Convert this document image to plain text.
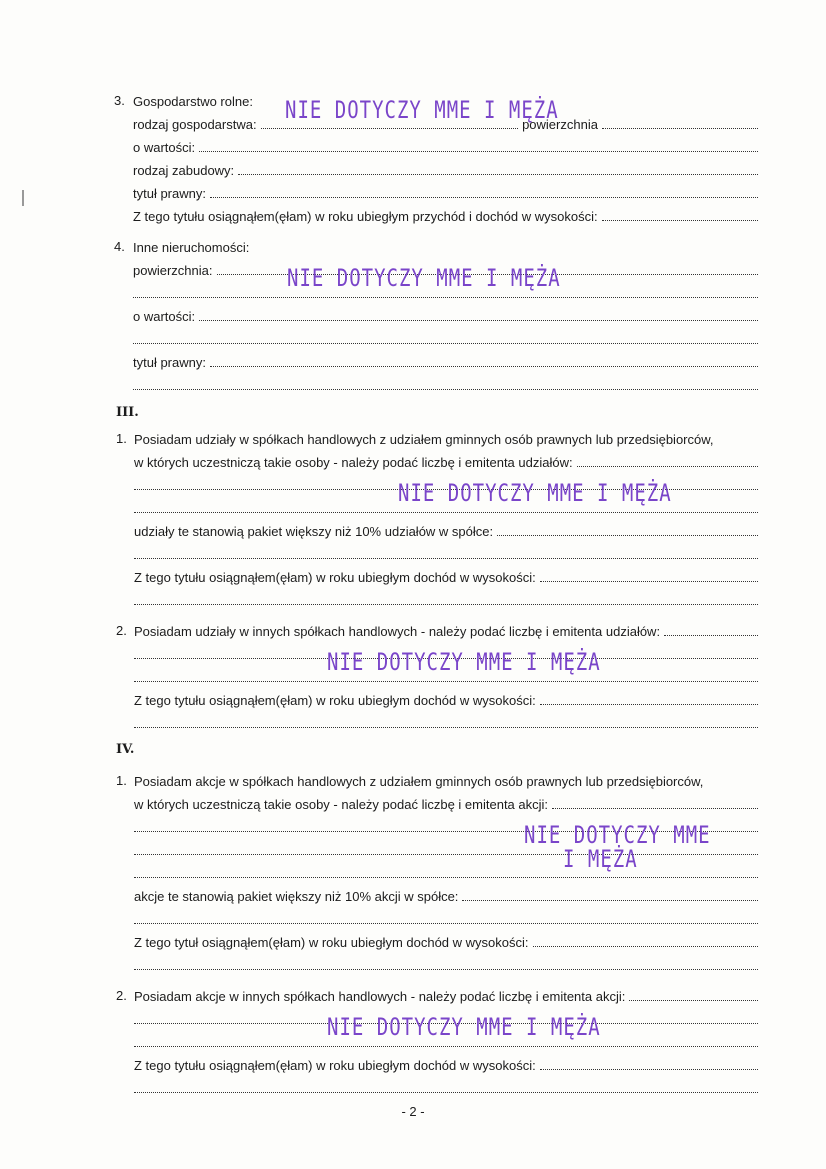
3. Gospodarstwo rolne:
rodzaj gospodarstwa:	powierzchnia
NIE DOTYCZY MME I MĘŻA
o wartości:
rodzaj zabudowy:
tytuł prawny:
Z tego tytułu osiągnąłem(ęłam) w roku ubiegłym przychód i dochód w wysokości:
4. Inne nieruchomości:
powierzchnia:	NIE DOTYCZY MME I MĘŻA
o wartości:
tytuł prawny:
III.
1. Posiadam udziały w spółkach handlowych z udziałem gminnych osób prawnych lub przedsiębiorców,
w których uczestniczą takie osoby - należy podać liczbę i emitenta udziałów:
NIE DOTYCZY MME I MĘŻA
udziały te stanowią pakiet większy niż 10% udziałów w spółce:
Z tego tytułu osiągnąłem(ęłam) w roku ubiegłym dochód w wysokości:
2. Posiadam udziały w innych spółkach handlowych - należy podać liczbę i emitenta udziałów:
NIE DOTYCZY MME I MĘŻA
Z tego tytułu osiągnąłem(ęłam) w roku ubiegłym dochód w wysokości:
IV.
1. Posiadam akcje w spółkach handlowych z udziałem gminnych osób prawnych lub przedsiębiorców,
w których uczestniczą takie osoby - należy podać liczbę i emitenta akcji:
NIE DOTYCZY MME
I MĘŻA
akcje te stanowią pakiet większy niż 10% akcji w spółce:
Z tego tytuł osiągnąłem(ęłam) w roku ubiegłym dochód w wysokości:
2. Posiadam akcje w innych spółkach handlowych - należy podać liczbę i emitenta akcji:
NIE DOTYCZY MME I MĘŻA
Z tego tytułu osiągnąłem(ęłam) w roku ubiegłym dochód w wysokości:
- 2 -
